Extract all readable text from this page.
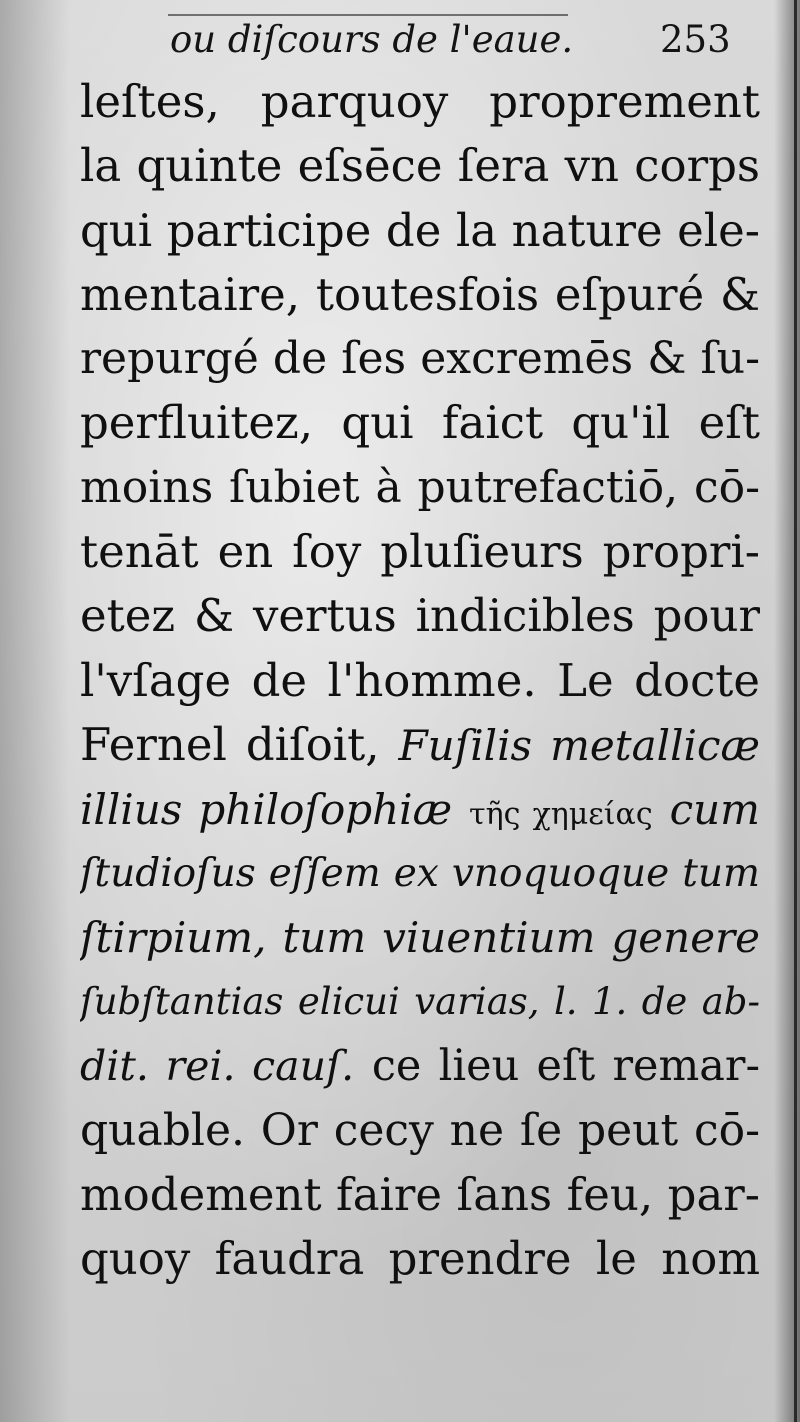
ou diſcours de l'eaue.	253
leſtes, parquoy proprement
la quinte eſsēce ſera vn corps
qui participe de la nature ele-
mentaire, toutesfois eſpuré &
repurgé de ſes excremēs & ſu-
perfluitez, qui faict qu'il eſt
moins ſubiet à putrefactiō, cō-
tenāt en ſoy pluſieurs propri-
etez & vertus indicibles pour
l'vſage de l'homme. Le docte
Fernel diſoit, Fuſilis metallicæ
illius philoſophiæ τῆς χημείας cum
ſtudioſus eſſem ex vnoquoque tum
ſtirpium, tum viuentium genere
ſubſtantias elicui varias, l. 1. de ab-
dit. rei. cauſ. ce lieu eſt remar-
quable. Or cecy ne ſe peut cō-
modement faire ſans feu, par-
quoy faudra prendre le nom
